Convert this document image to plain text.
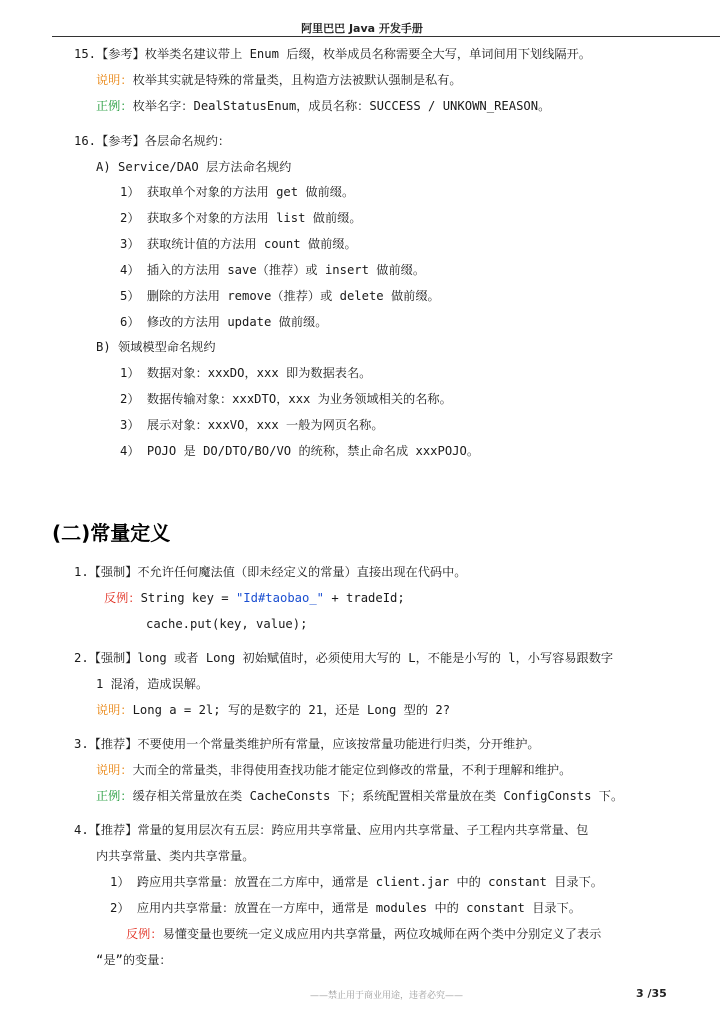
阿里巴巴 Java 开发手册
15.【参考】枚举类名建议带上 Enum 后缀，枚举成员名称需要全大写，单词间用下划线隔开。
说明：枚举其实就是特殊的常量类，且构造方法被默认强制是私有。
正例：枚举名字：DealStatusEnum，成员名称：SUCCESS / UNKOWN_REASON。
16.【参考】各层命名规约：
A) Service/DAO 层方法命名规约
1） 获取单个对象的方法用 get 做前缀。
2） 获取多个对象的方法用 list 做前缀。
3） 获取统计值的方法用 count 做前缀。
4） 插入的方法用 save（推荐）或 insert 做前缀。
5） 删除的方法用 remove（推荐）或 delete 做前缀。
6） 修改的方法用 update 做前缀。
B) 领域模型命名规约
1） 数据对象：xxxDO，xxx 即为数据表名。
2） 数据传输对象：xxxDTO，xxx 为业务领域相关的名称。
3） 展示对象：xxxVO，xxx 一般为网页名称。
4） POJO 是 DO/DTO/BO/VO 的统称，禁止命名成 xxxPOJO。
(二)常量定义
1.【强制】不允许任何魔法值（即未经定义的常量）直接出现在代码中。
反例：String key = "Id#taobao_" + tradeId;
cache.put(key, value);
2.【强制】long 或者 Long 初始赋值时，必须使用大写的 L，不能是小写的 l，小写容易跟数字
1 混淆，造成误解。
说明：Long a = 2l; 写的是数字的 21，还是 Long 型的 2?
3.【推荐】不要使用一个常量类维护所有常量，应该按常量功能进行归类，分开维护。
说明：大而全的常量类，非得使用查找功能才能定位到修改的常量，不利于理解和维护。
正例：缓存相关常量放在类 CacheConsts 下；系统配置相关常量放在类 ConfigConsts 下。
4.【推荐】常量的复用层次有五层：跨应用共享常量、应用内共享常量、子工程内共享常量、包
内共享常量、类内共享常量。
1） 跨应用共享常量：放置在二方库中，通常是 client.jar 中的 constant 目录下。
2） 应用内共享常量：放置在一方库中，通常是 modules 中的 constant 目录下。
反例：易懂变量也要统一定义成应用内共享常量，两位攻城师在两个类中分别定义了表示
“是”的变量：
——禁止用于商业用途，违者必究——	3 /35
